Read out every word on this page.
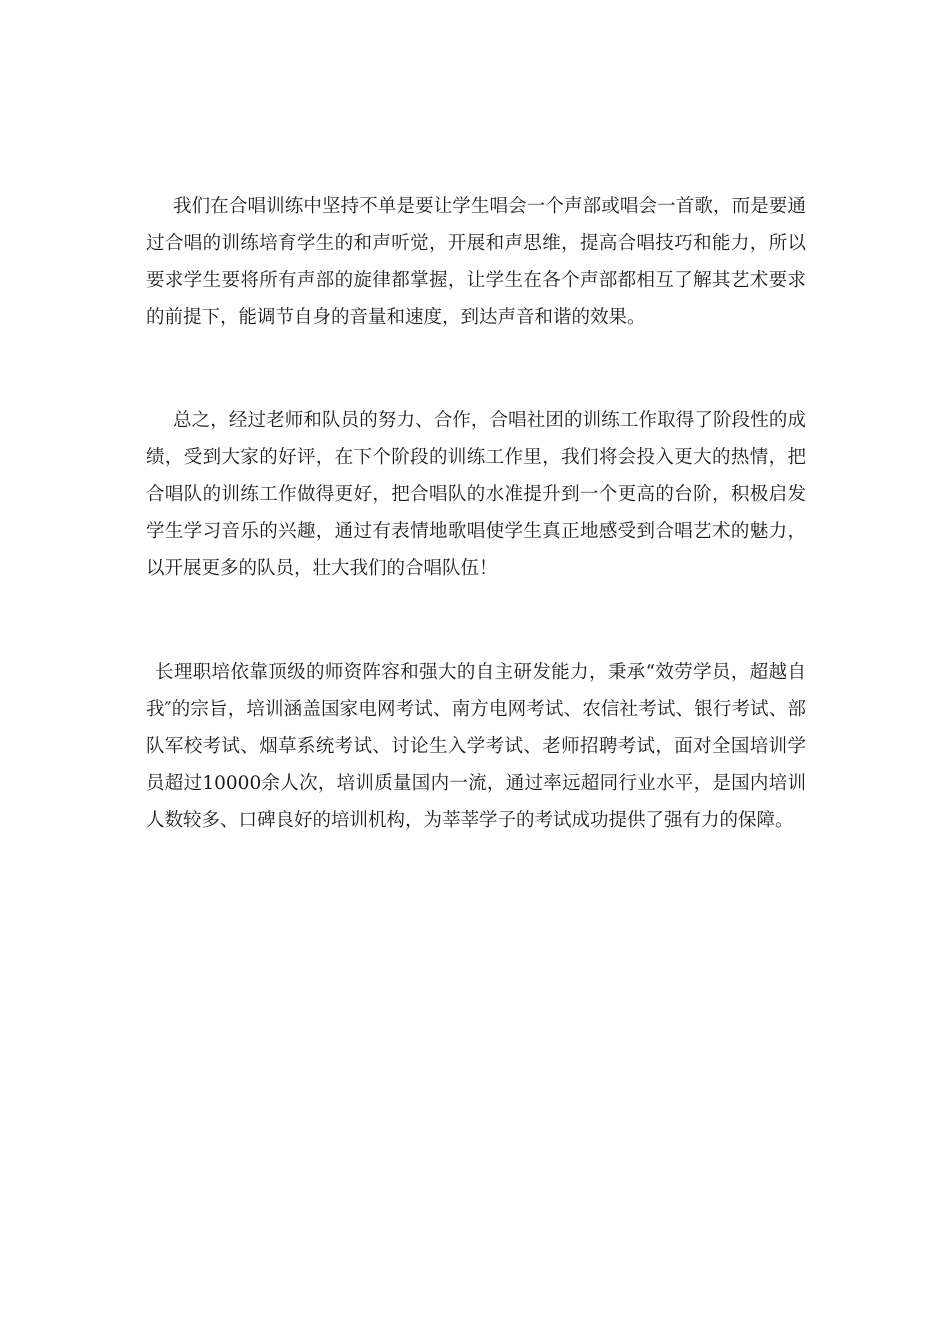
我们在合唱训练中坚持不单是要让学生唱会一个声部或唱会一首歌，而是要通过合唱的训练培育学生的和声听觉，开展和声思维，提高合唱技巧和能力，所以要求学生要将所有声部的旋律都掌握，让学生在各个声部都相互了解其艺术要求的前提下，能调节自身的音量和速度，到达声音和谐的效果。

总之，经过老师和队员的努力、合作，合唱社团的训练工作取得了阶段性的成绩，受到大家的好评，在下个阶段的训练工作里，我们将会投入更大的热情，把合唱队的训练工作做得更好，把合唱队的水准提升到一个更高的台阶，积极启发学生学习音乐的兴趣，通过有表情地歌唱使学生真正地感受到合唱艺术的魅力，以开展更多的队员，壮大我们的合唱队伍！

长理职培依靠顶级的师资阵容和强大的自主研发能力，秉承“效劳学员，超越自我″的宗旨，培训涵盖国家电网考试、南方电网考试、农信社考试、银行考试、部队军校考试、烟草系统考试、讨论生入学考试、老师招聘考试，面对全国培训学员超过10000余人次，培训质量国内一流，通过率远超同行业水平，是国内培训人数较多、口碑良好的培训机构，为莘莘学子的考试成功提供了强有力的保障。
